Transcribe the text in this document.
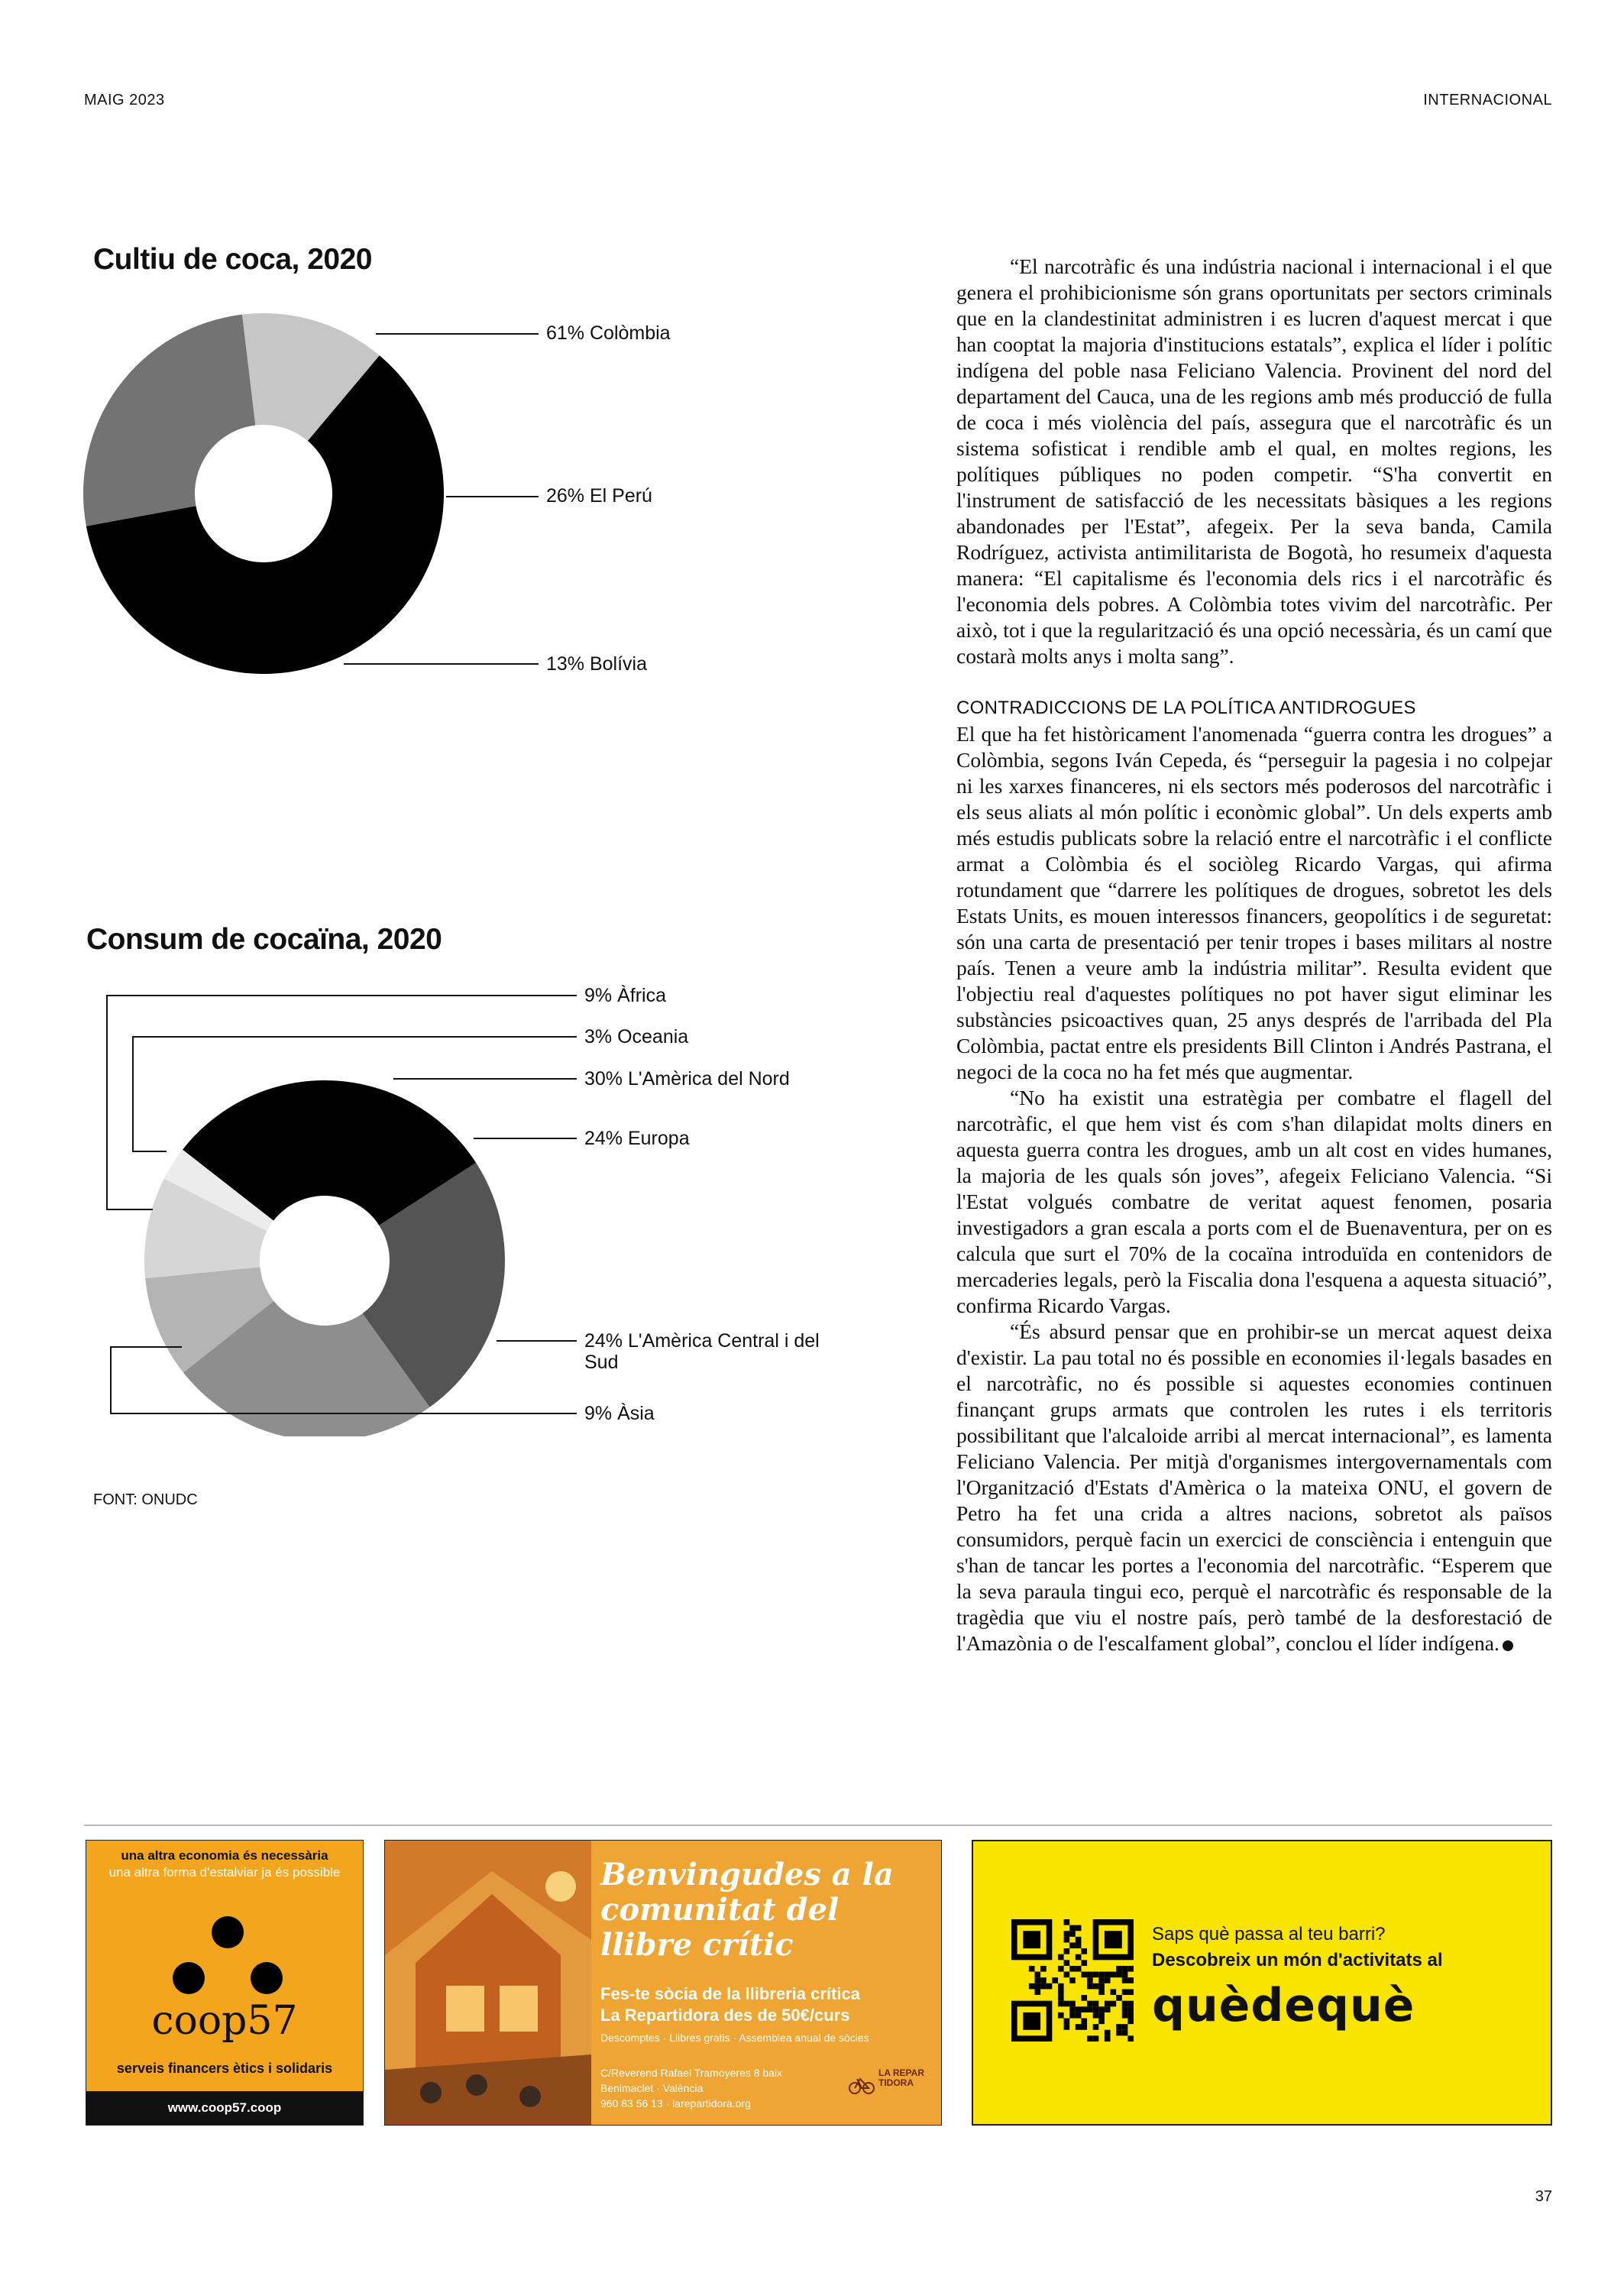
MAIG 2023	INTERNACIONAL
Cultiu de coca, 2020
61% Colòmbia
26% El Perú
13% Bolívia
Consum de cocaïna, 2020
9% Àfrica
3% Oceania
30% L'Amèrica del Nord
24% Europa
24% L'Amèrica Central i del Sud
9% Àsia
FONT: ONUDC

“El narcotràfic és una indústria nacional i internacional i el que genera el prohibicionisme són grans oportunitats per sectors criminals que en la clandestinitat administren i es lucren d'aquest mercat i que han cooptat la majoria d'institucions estatals”, explica el líder i polític indígena del poble nasa Feliciano Valencia. Provinent del nord del departament del Cauca, una de les regions amb més producció de fulla de coca i més violència del país, assegura que el narcotràfic és un sistema sofisticat i rendible amb el qual, en moltes regions, les polítiques públiques no poden competir. “S'ha convertit en l'instrument de satisfacció de les necessitats bàsiques a les regions abandonades per l'Estat”, afegeix. Per la seva banda, Camila Rodríguez, activista antimilitarista de Bogotà, ho resumeix d'aquesta manera: “El capitalisme és l'economia dels rics i el narcotràfic és l'economia dels pobres. A Colòmbia totes vivim del narcotràfic. Per això, tot i que la regularització és una opció necessària, és un camí que costarà molts anys i molta sang”.

CONTRADICCIONS DE LA POLÍTICA ANTIDROGUES

El que ha fet històricament l'anomenada “guerra contra les drogues” a Colòmbia, segons Iván Cepeda, és “perseguir la pagesia i no colpejar ni les xarxes financeres, ni els sectors més poderosos del narcotràfic i els seus aliats al món polític i econòmic global”. Un dels experts amb més estudis publicats sobre la relació entre el narcotràfic i el conflicte armat a Colòmbia és el sociòleg Ricardo Vargas, qui afirma rotundament que “darrere les polítiques de drogues, sobretot les dels Estats Units, es mouen interessos financers, geopolítics i de seguretat: són una carta de presentació per tenir tropes i bases militars al nostre país. Tenen a veure amb la indústria militar”. Resulta evident que l'objectiu real d'aquestes polítiques no pot haver sigut eliminar les substàncies psicoactives quan, 25 anys després de l'arribada del Pla Colòmbia, pactat entre els presidents Bill Clinton i Andrés Pastrana, el negoci de la coca no ha fet més que augmentar.

“No ha existit una estratègia per combatre el flagell del narcotràfic, el que hem vist és com s'han dilapidat molts diners en aquesta guerra contra les drogues, amb un alt cost en vides humanes, la majoria de les quals són joves”, afegeix Feliciano Valencia. “Si l'Estat volgués combatre de veritat aquest fenomen, posaria investigadors a gran escala a ports com el de Buenaventura, per on es calcula que surt el 70% de la cocaïna introduïda en contenidors de mercaderies legals, però la Fiscalia dona l'esquena a aquesta situació”, confirma Ricardo Vargas.

“És absurd pensar que en prohibir-se un mercat aquest deixa d'existir. La pau total no és possible en economies il·legals basades en el narcotràfic, no és possible si aquestes economies continuen finançant grups armats que controlen les rutes i els territoris possibilitant que l'alcaloide arribi al mercat internacional”, es lamenta Feliciano Valencia. Per mitjà d'organismes intergovernamentals com l'Organització d'Estats d'Amèrica o la mateixa ONU, el govern de Petro ha fet una crida a altres nacions, sobretot als països consumidors, perquè facin un exercici de consciència i entenguin que s'han de tancar les portes a l'economia del narcotràfic. “Esperem que la seva paraula tingui eco, perquè el narcotràfic és responsable de la tragèdia que viu el nostre país, però també de la desforestació de l'Amazònia o de l'escalfament global”, conclou el líder indígena.

una altra economia és necessària
una altra forma d'estalviar ja és possible
coop57
serveis financers ètics i solidaris
www.coop57.coop
Benvingudes a la comunitat del llibre crític
Fes-te sòcia de la llibreria crítica
La Repartidora des de 50€/curs
Descomptes · Llibres gratis · Assemblea anual de sòcies
C/Reverend Rafael Tramoyeres 8 baix
Benimaclet · València
960 83 56 13 · larepartidora.org
LA REPAR TIDORA
Saps què passa al teu barri?
Descobreix un món d'activitats al
quèdequè
37
